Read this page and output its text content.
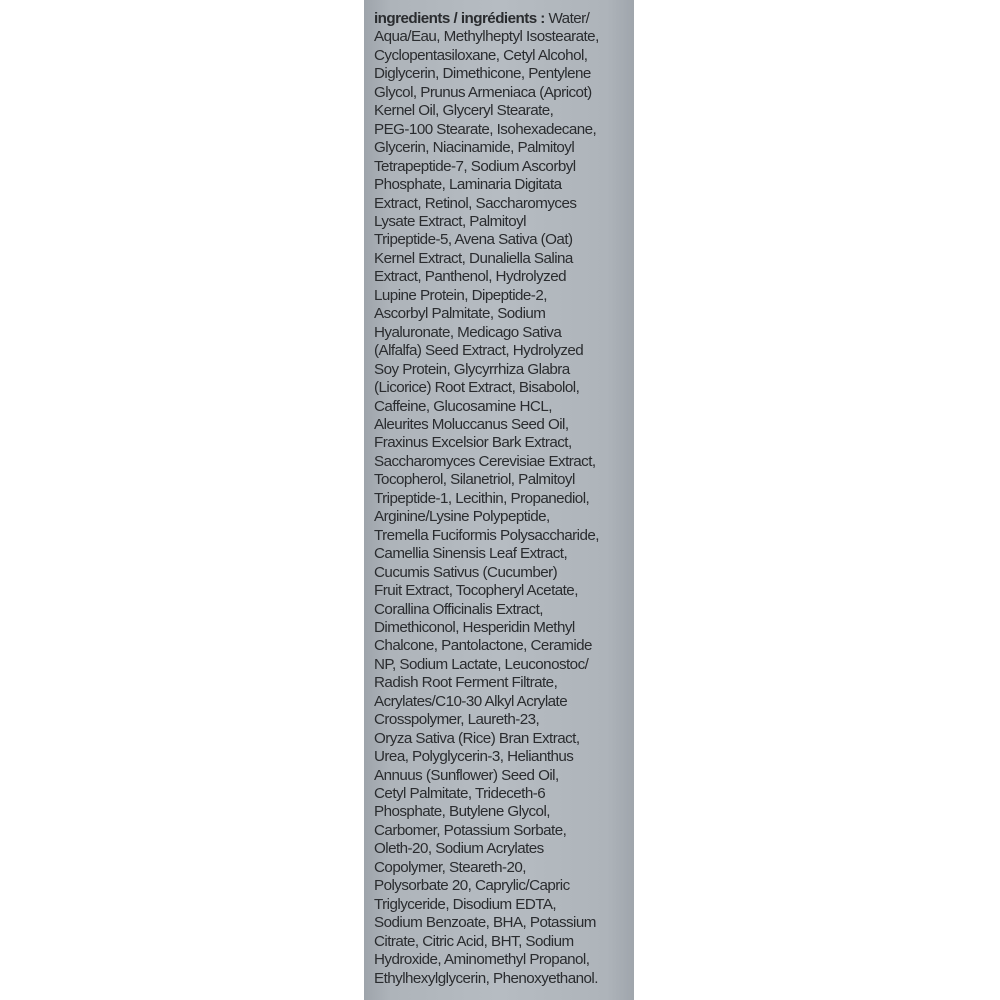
ingredients / ingrédients : Water/
Aqua/Eau, Methylheptyl Isostearate,
Cyclopentasiloxane, Cetyl Alcohol,
Diglycerin, Dimethicone, Pentylene
Glycol, Prunus Armeniaca (Apricot)
Kernel Oil, Glyceryl Stearate,
PEG-100 Stearate, Isohexadecane,
Glycerin, Niacinamide, Palmitoyl
Tetrapeptide-7, Sodium Ascorbyl
Phosphate, Laminaria Digitata
Extract, Retinol, Saccharomyces
Lysate Extract, Palmitoyl
Tripeptide-5, Avena Sativa (Oat)
Kernel Extract, Dunaliella Salina
Extract, Panthenol, Hydrolyzed
Lupine Protein, Dipeptide-2,
Ascorbyl Palmitate, Sodium
Hyaluronate, Medicago Sativa
(Alfalfa) Seed Extract, Hydrolyzed
Soy Protein, Glycyrrhiza Glabra
(Licorice) Root Extract, Bisabolol,
Caffeine, Glucosamine HCL,
Aleurites Moluccanus Seed Oil,
Fraxinus Excelsior Bark Extract,
Saccharomyces Cerevisiae Extract,
Tocopherol, Silanetriol, Palmitoyl
Tripeptide-1, Lecithin, Propanediol,
Arginine/Lysine Polypeptide,
Tremella Fuciformis Polysaccharide,
Camellia Sinensis Leaf Extract,
Cucumis Sativus (Cucumber)
Fruit Extract, Tocopheryl Acetate,
Corallina Officinalis Extract,
Dimethiconol, Hesperidin Methyl
Chalcone, Pantolactone, Ceramide
NP, Sodium Lactate, Leuconostoc/
Radish Root Ferment Filtrate,
Acrylates/C10-30 Alkyl Acrylate
Crosspolymer, Laureth-23,
Oryza Sativa (Rice) Bran Extract,
Urea, Polyglycerin-3, Helianthus
Annuus (Sunflower) Seed Oil,
Cetyl Palmitate, Trideceth-6
Phosphate, Butylene Glycol,
Carbomer, Potassium Sorbate,
Oleth-20, Sodium Acrylates
Copolymer, Steareth-20,
Polysorbate 20, Caprylic/Capric
Triglyceride, Disodium EDTA,
Sodium Benzoate, BHA, Potassium
Citrate, Citric Acid, BHT, Sodium
Hydroxide, Aminomethyl Propanol,
Ethylhexylglycerin, Phenoxyethanol.
